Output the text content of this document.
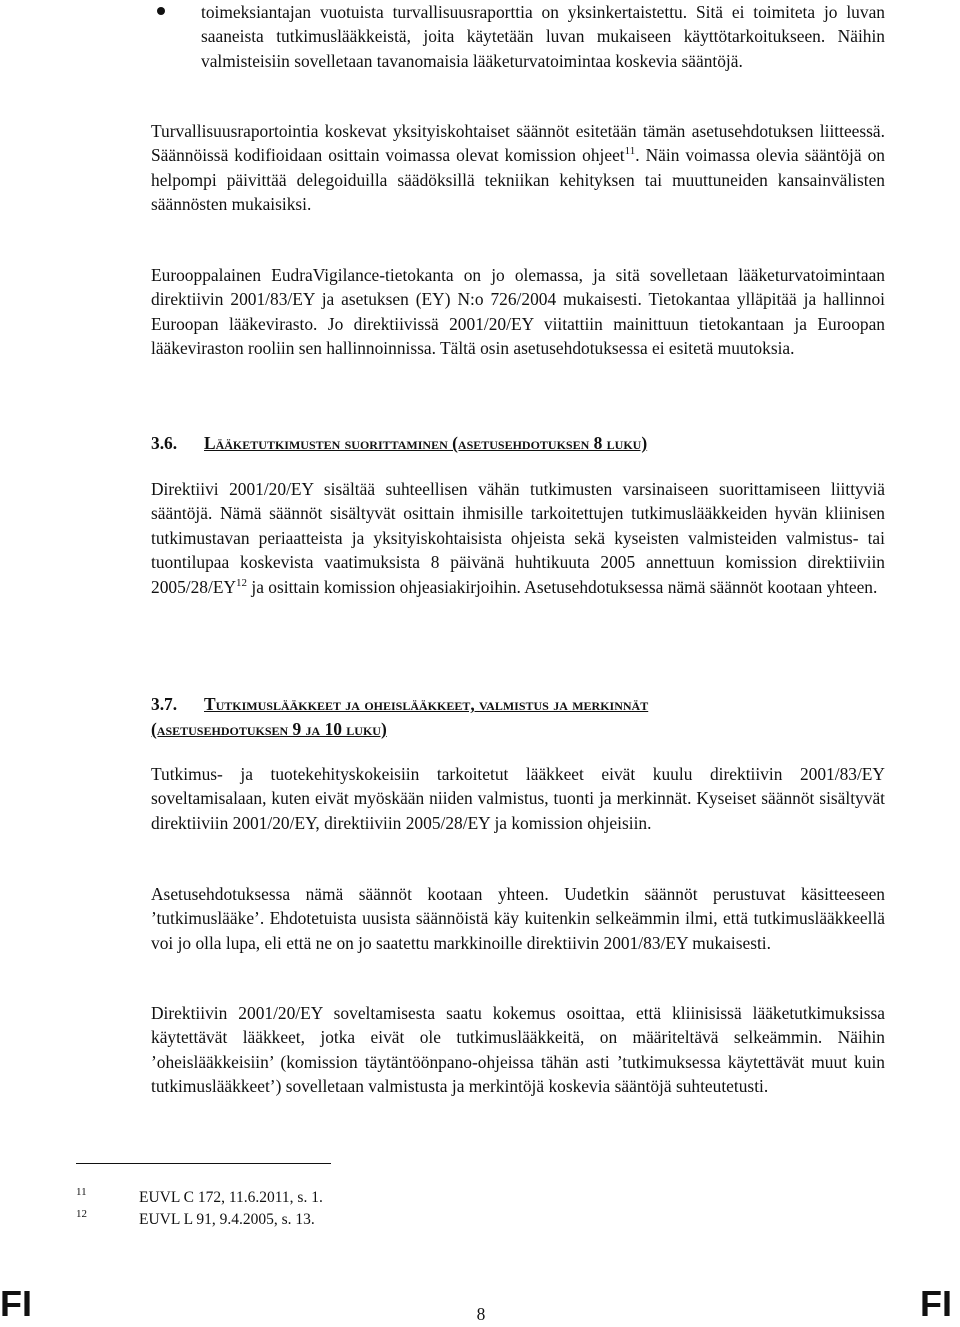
toimeksiantajan vuotuista turvallisuusraporttia on yksinkertaistettu. Sitä ei toimiteta jo luvan saaneista tutkimuslääkkeistä, joita käytetään luvan mukaiseen käyttötarkoitukseen. Näihin valmisteisiin sovelletaan tavanomaisia lääketurvatoimintaa koskevia sääntöjä.

Turvallisuusraportointia koskevat yksityiskohtaiset säännöt esitetään tämän asetusehdotuksen liitteessä. Säännöissä kodifioidaan osittain voimassa olevat komission ohjeet$^{11}$. Näin voimassa olevia sääntöjä on helpompi päivittää delegoiduilla säädöksillä tekniikan kehityksen tai muuttuneiden kansainvälisten säännösten mukaisiksi.

Eurooppalainen EudraVigilance-tietokanta on jo olemassa, ja sitä sovelletaan lääketurvatoimintaan direktiivin 2001/83/EY ja asetuksen (EY) N:o 726/2004 mukaisesti. Tietokantaa ylläpitää ja hallinnoi Euroopan lääkevirasto. Jo direktiivissä 2001/20/EY viitattiin mainittuun tietokantaan ja Euroopan lääkeviraston rooliin sen hallinnoinnissa. Tältä osin asetusehdotuksessa ei esitetä muutoksia.

3.6. Lääketutkimusten suorittaminen (asetusehdotuksen 8 luku)

Direktiivi 2001/20/EY sisältää suhteellisen vähän tutkimusten varsinaiseen suorittamiseen liittyviä sääntöjä. Nämä säännöt sisältyvät osittain ihmisille tarkoitettujen tutkimuslääkkeiden hyvän kliinisen tutkimustavan periaatteista ja yksityiskohtaisista ohjeista sekä kyseisten valmisteiden valmistus- tai tuontilupaa koskevista vaatimuksista 8 päivänä huhtikuuta 2005 annettuun komission direktiiviin 2005/28/EY$^{12}$ ja osittain komission ohjeasiakirjoihin. Asetusehdotuksessa nämä säännöt kootaan yhteen.

3.7. Tutkimuslääkkeet ja oheislääkkeet, valmistus ja merkinnät
(asetusehdotuksen 9 ja 10 luku)

Tutkimus- ja tuotekehityskokeisiin tarkoitetut lääkkeet eivät kuulu direktiivin 2001/83/EY soveltamisalaan, kuten eivät myöskään niiden valmistus, tuonti ja merkinnät. Kyseiset säännöt sisältyvät direktiiviin 2001/20/EY, direktiiviin 2005/28/EY ja komission ohjeisiin.

Asetusehdotuksessa nämä säännöt kootaan yhteen. Uudetkin säännöt perustuvat käsitteeseen ’tutkimuslääke’. Ehdotetuista uusista säännöistä käy kuitenkin selkeämmin ilmi, että tutkimuslääkkeellä voi jo olla lupa, eli että ne on jo saatettu markkinoille direktiivin 2001/83/EY mukaisesti.

Direktiivin 2001/20/EY soveltamisesta saatu kokemus osoittaa, että kliinisissä lääketutkimuksissa käytettävät lääkkeet, jotka eivät ole tutkimuslääkkeitä, on määriteltävä selkeämmin. Näihin ’oheislääkkeisiin’ (komission täytäntöönpano-ohjeissa tähän asti ’tutkimuksessa käytettävät muut kuin tutkimuslääkkeet’) sovelletaan valmistusta ja merkintöjä koskevia sääntöjä suhteutetusti.

11	EUVL C 172, 11.6.2011, s. 1.
12	EUVL L 91, 9.4.2005, s. 13.
FI	8	FI
